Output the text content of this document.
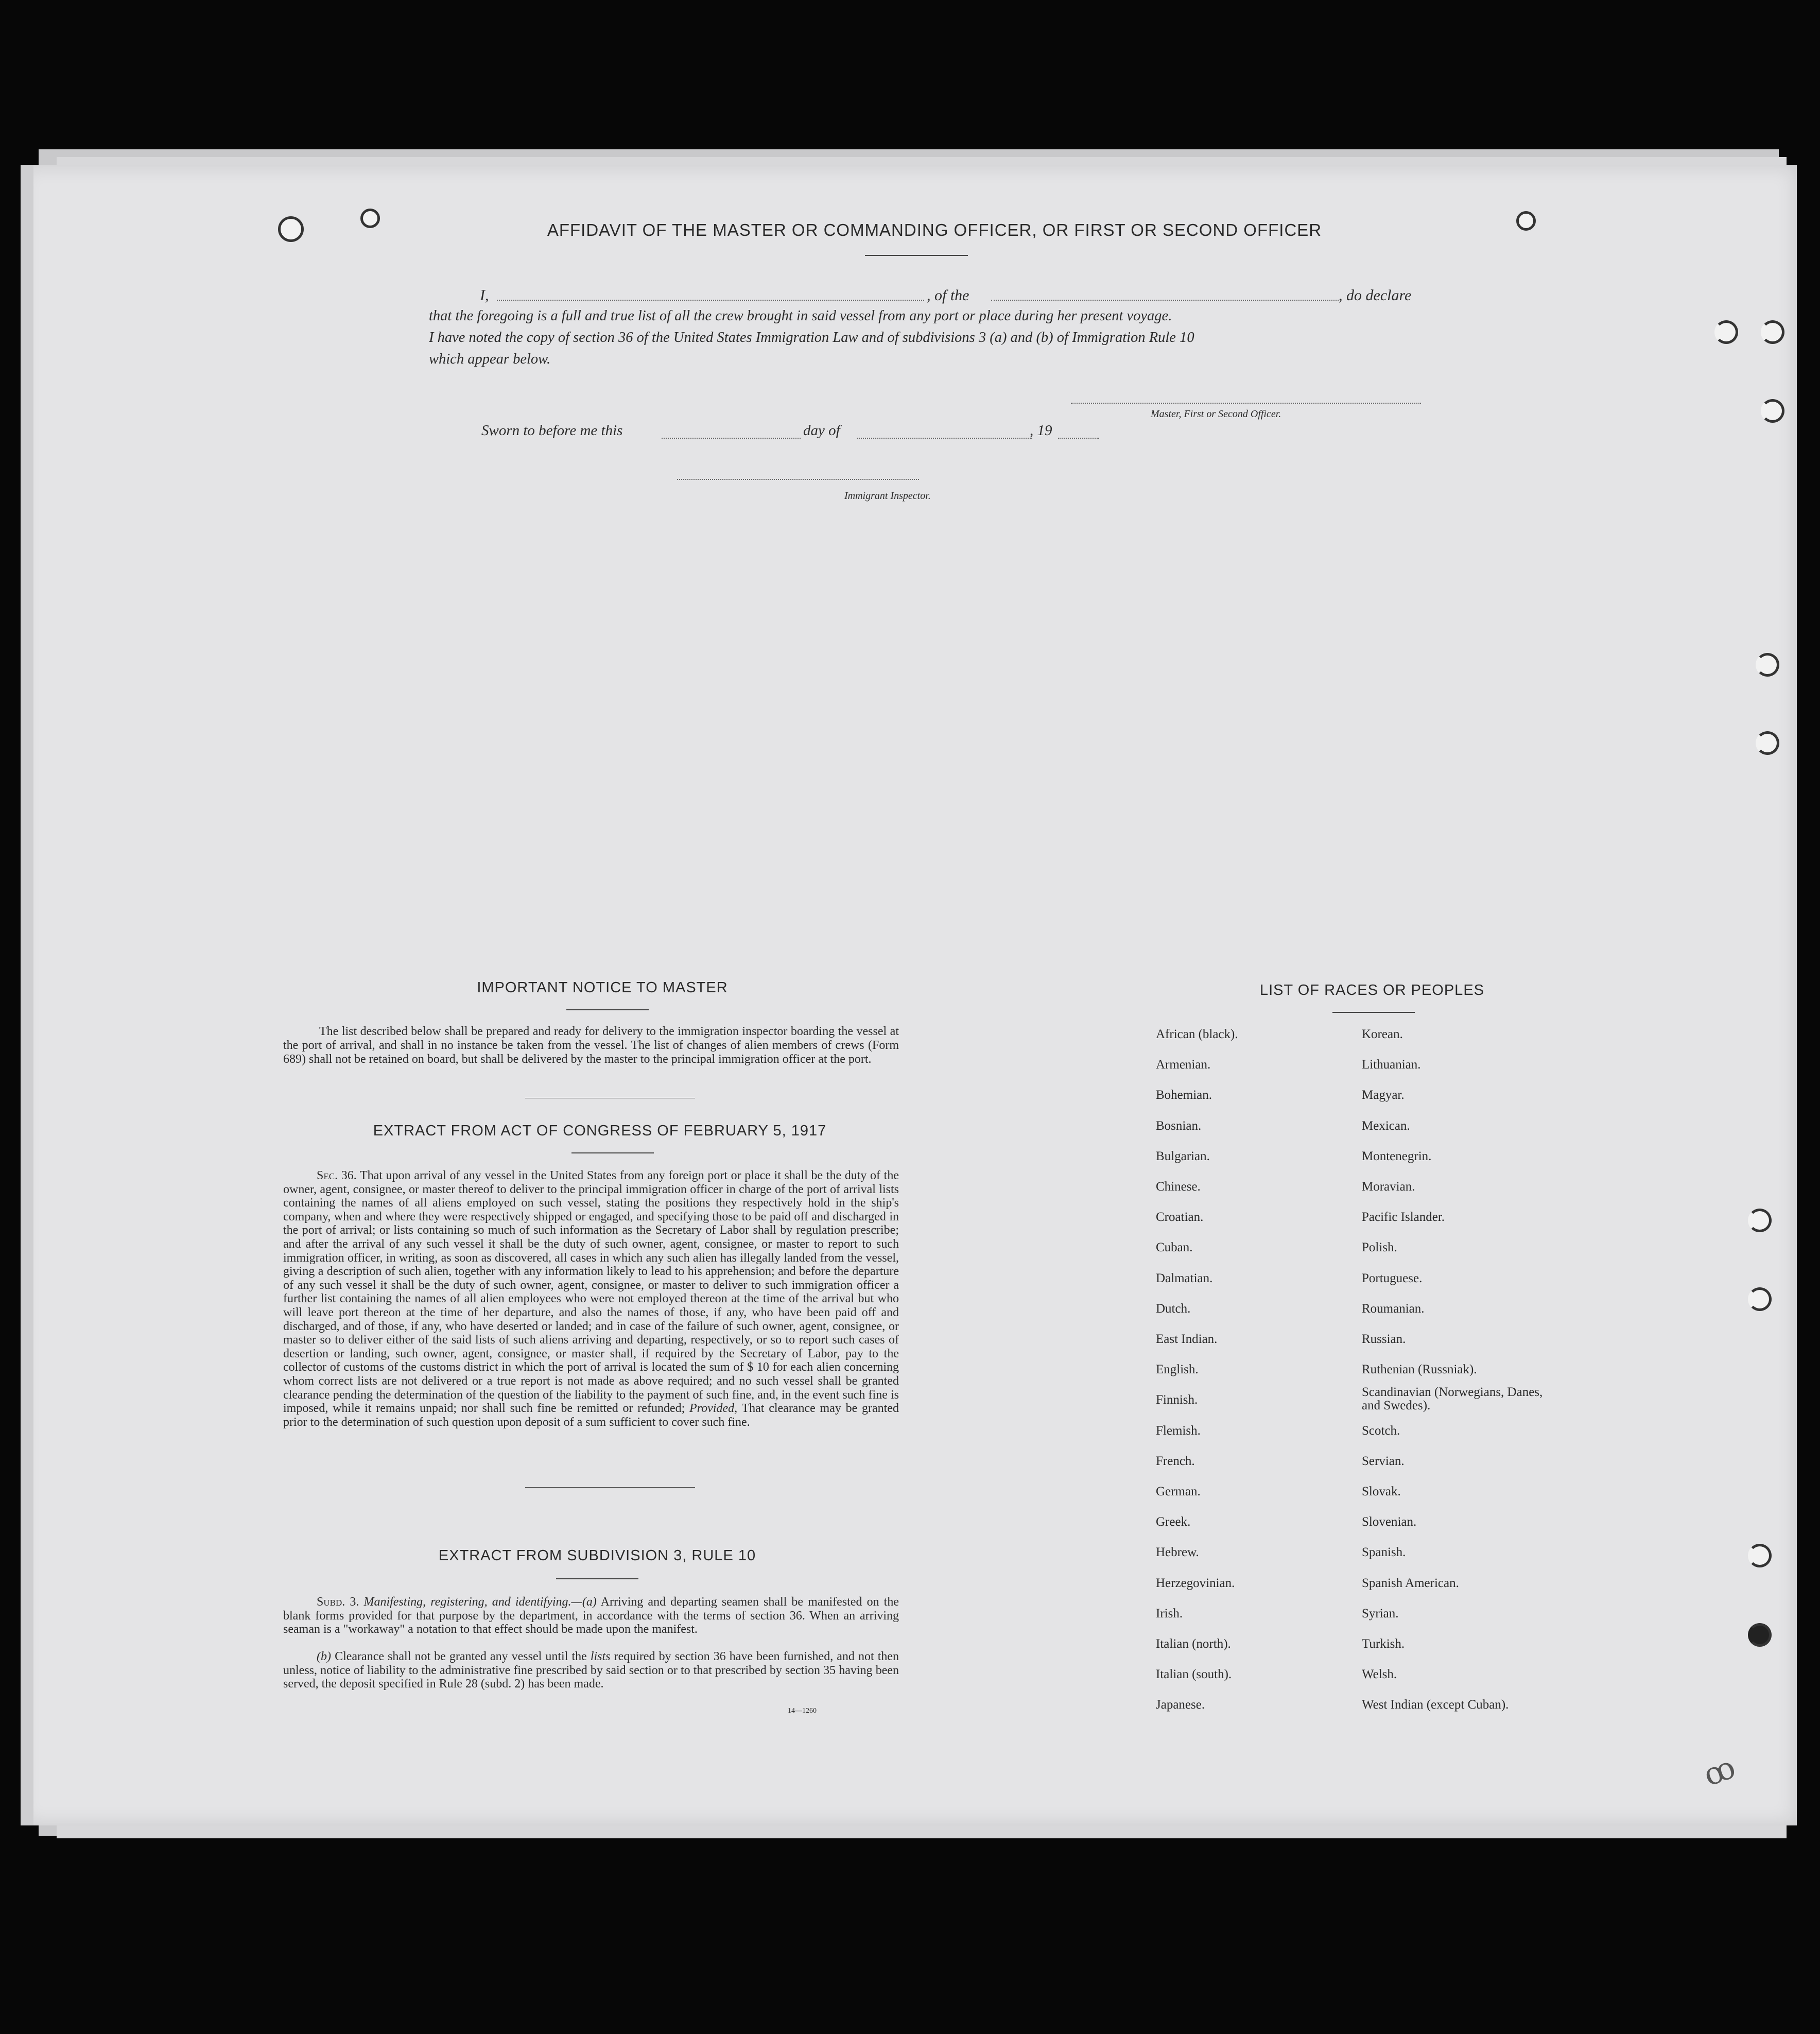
AFFIDAVIT OF THE MASTER OR COMMANDING OFFICER, OR FIRST OR SECOND OFFICER
I,	, of the	, do declare
that the foregoing is a full and true list of all the crew brought in said vessel from any port or place during her present voyage.
I have noted the copy of section 36 of the United States Immigration Law and of subdivisions 3 (a) and (b) of Immigration Rule 10
which appear below.
Master, First or Second Officer.
Sworn to before me this	day of	, 19
Immigrant Inspector.
IMPORTANT NOTICE TO MASTER
The list described below shall be prepared and ready for delivery to the immigration inspector boarding the vessel at the port of arrival, and shall in no instance be taken from the vessel. The list of changes of alien members of crews (Form 689) shall not be retained on board, but shall be delivered by the master to the principal immigration officer at the port.
EXTRACT FROM ACT OF CONGRESS OF FEBRUARY 5, 1917
Sec. 36. That upon arrival of any vessel in the United States from any foreign port or place it shall be the duty of the owner, agent, consignee, or master thereof to deliver to the principal immigration officer in charge of the port of arrival lists containing the names of all aliens employed on such vessel, stating the positions they respectively hold in the ship's company, when and where they were respectively shipped or engaged, and specifying those to be paid off and discharged in the port of arrival; or lists containing so much of such information as the Secretary of Labor shall by regulation prescribe; and after the arrival of any such vessel it shall be the duty of such owner, agent, consignee, or master to report to such immigration officer, in writing, as soon as discovered, all cases in which any such alien has illegally landed from the vessel, giving a description of such alien, together with any information likely to lead to his apprehension; and before the departure of any such vessel it shall be the duty of such owner, agent, consignee, or master to deliver to such immigration officer a further list containing the names of all alien employees who were not employed thereon at the time of the arrival but who will leave port thereon at the time of her departure, and also the names of those, if any, who have been paid off and discharged, and of those, if any, who have deserted or landed; and in case of the failure of such owner, agent, consignee, or master so to deliver either of the said lists of such aliens arriving and departing, respectively, or so to report such cases of desertion or landing, such owner, agent, consignee, or master shall, if required by the Secretary of Labor, pay to the collector of customs of the customs district in which the port of arrival is located the sum of $ 10 for each alien concerning whom correct lists are not delivered or a true report is not made as above required; and no such vessel shall be granted clearance pending the determination of the question of the liability to the payment of such fine, and, in the event such fine is imposed, while it remains unpaid; nor shall such fine be remitted or refunded; Provided, That clearance may be granted prior to the determination of such question upon deposit of a sum sufficient to cover such fine.
EXTRACT FROM SUBDIVISION 3, RULE 10
Subd. 3. Manifesting, registering, and identifying.—(a) Arriving and departing seamen shall be manifested on the blank forms provided for that purpose by the department, in accordance with the terms of section 36. When an arriving seaman is a "workaway" a notation to that effect should be made upon the manifest.
(b) Clearance shall not be granted any vessel until the lists required by section 36 have been furnished, and not then unless, notice of liability to the administrative fine prescribed by said section or to that prescribed by section 35 having been served, the deposit specified in Rule 28 (subd. 2) has been made.
14—1260
LIST OF RACES OR PEOPLES
African (black).
Armenian.
Bohemian.
Bosnian.
Bulgarian.
Chinese.
Croatian.
Cuban.
Dalmatian.
Dutch.
East Indian.
English.
Finnish.
Flemish.
French.
German.
Greek.
Hebrew.
Herzegovinian.
Irish.
Italian (north).
Italian (south).
Japanese.
Korean.
Lithuanian.
Magyar.
Mexican.
Montenegrin.
Moravian.
Pacific Islander.
Polish.
Portuguese.
Roumanian.
Russian.
Ruthenian (Russniak).
Scandinavian (Norwegians, Danes, and Swedes).
Scotch.
Servian.
Slovak.
Slovenian.
Spanish.
Spanish American.
Syrian.
Turkish.
Welsh.
West Indian (except Cuban).
ꝏ
